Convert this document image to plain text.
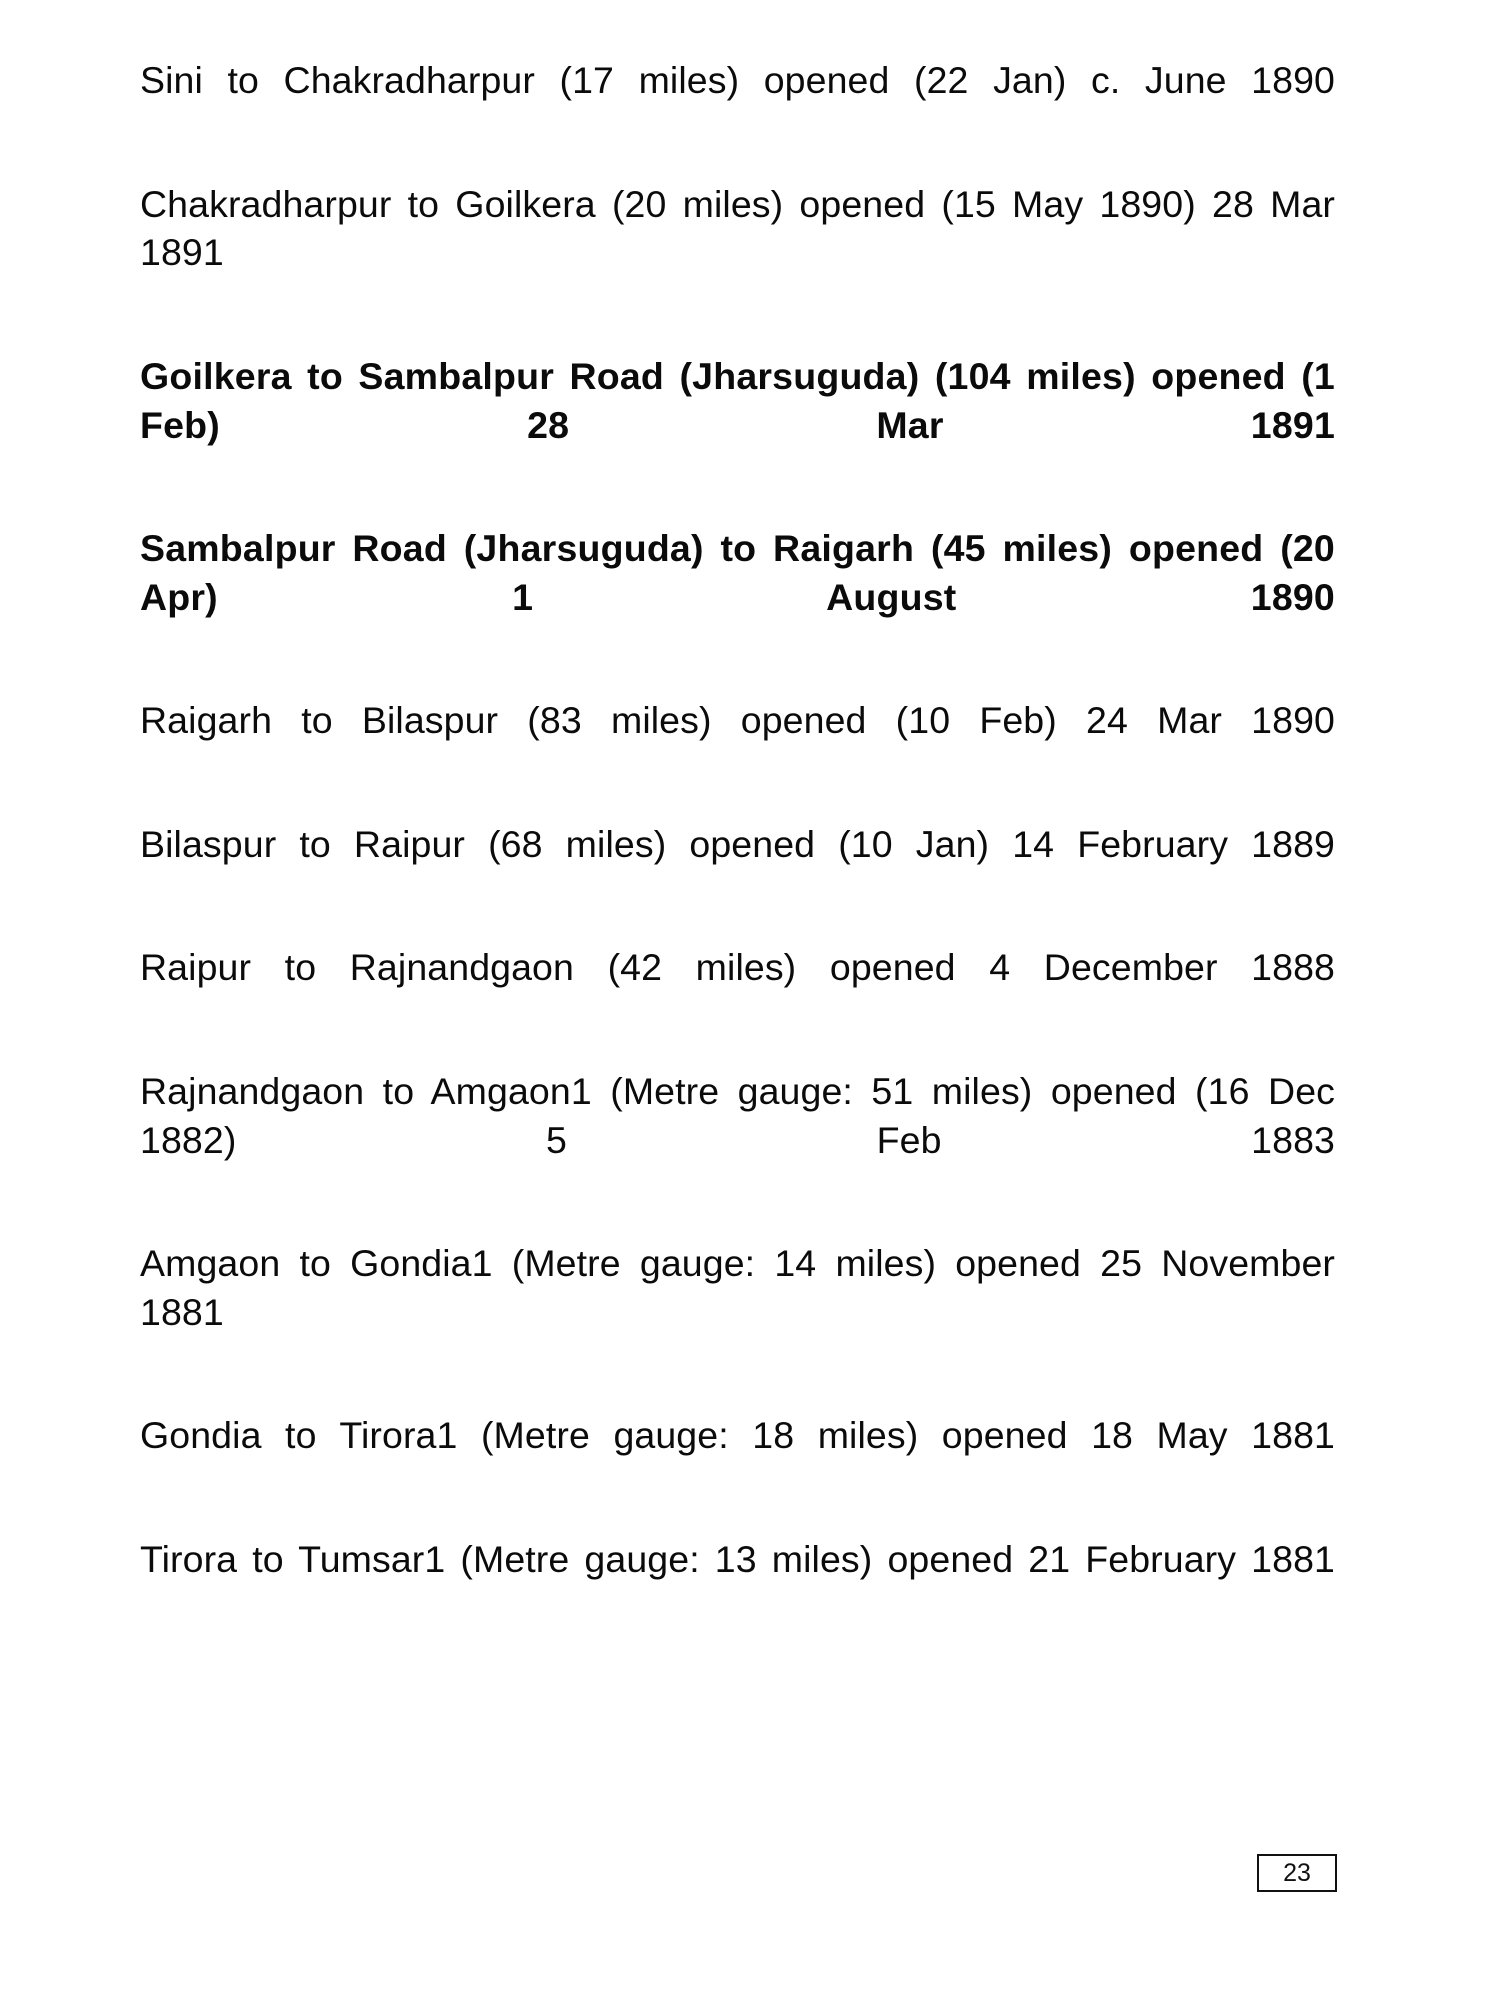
Sini to Chakradharpur (17 miles) opened (22 Jan) c. June 1890

Chakradharpur to Goilkera (20 miles) opened (15 May 1890) 28 Mar 1891

Goilkera to Sambalpur Road (Jharsuguda) (104 miles) opened (1 Feb) 28 Mar 1891

Sambalpur Road (Jharsuguda) to Raigarh (45 miles) opened (20 Apr) 1 August 1890

Raigarh to Bilaspur (83 miles) opened (10 Feb) 24 Mar 1890

Bilaspur to Raipur (68 miles) opened (10 Jan) 14 February 1889

Raipur to Rajnandgaon (42 miles) opened 4 December 1888

Rajnandgaon to Amgaon1 (Metre gauge: 51 miles) opened (16 Dec 1882) 5 Feb 1883

Amgaon to Gondia1 (Metre gauge: 14 miles) opened 25 November 1881

Gondia to Tirora1 (Metre gauge: 18 miles) opened 18 May 1881

Tirora to Tumsar1 (Metre gauge: 13 miles) opened 21 February 1881

23
